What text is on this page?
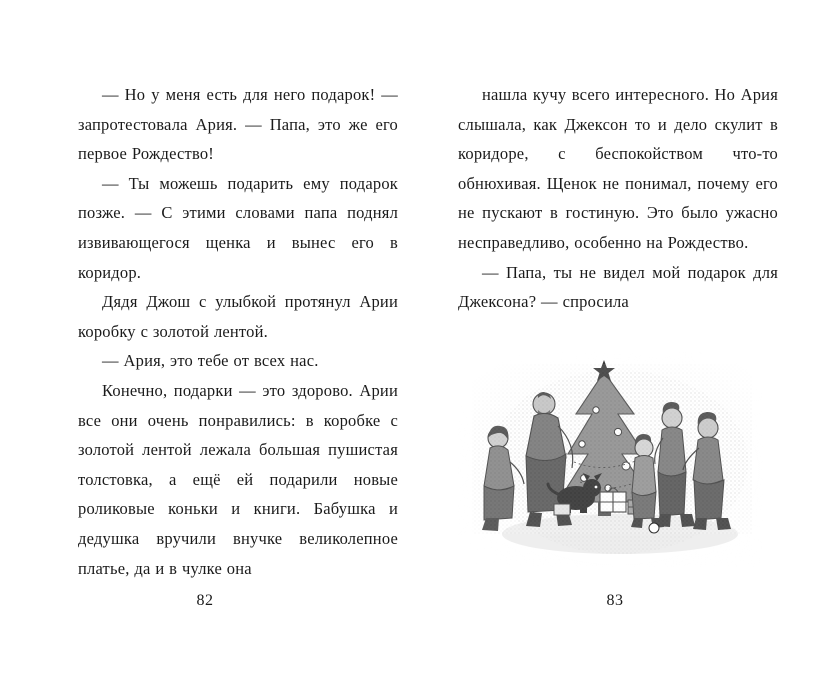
— Но у меня есть для него подарок! — запротестовала Ария. — Папа, это же его первое Рождество!

— Ты можешь подарить ему подарок позже. — С этими словами папа поднял извивающегося щенка и вынес его в коридор.

Дядя Джош с улыбкой протянул Арии коробку с золотой лентой.

— Ария, это тебе от всех нас.

Конечно, подарки — это здорово. Арии все они очень понравились: в коробке с золотой лентой лежала большая пушистая толстовка, а ещё ей подарили новые роликовые коньки и книги. Бабушка и дедушка вручили внучке великолепное платье, да и в чулке она

82

нашла кучу всего интересного. Но Ария слышала, как Джексон то и дело скулит в коридоре, с беспокойством что-то обнюхивая. Щенок не понимал, почему его не пускают в гостиную. Это было ужасно несправедливо, особенно на Рождество.

— Папа, ты не видел мой подарок для Джексона? — спросила

83
